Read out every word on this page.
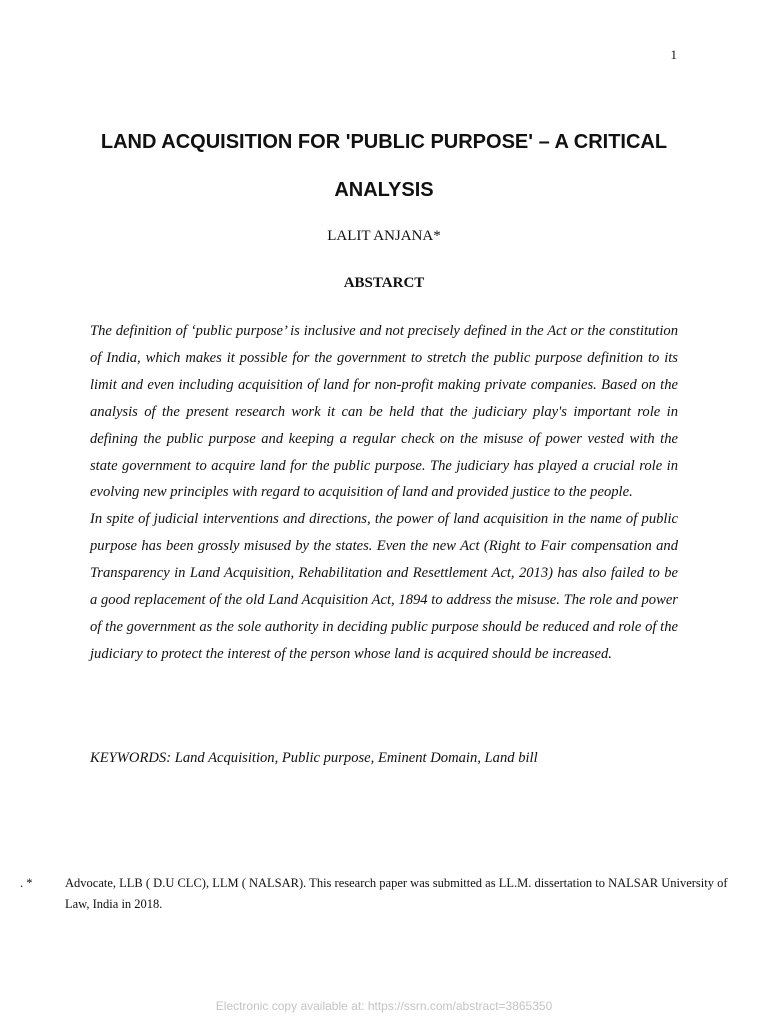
1
LAND ACQUISITION FOR 'PUBLIC PURPOSE' – A CRITICAL
ANALYSIS
LALIT ANJANA*
ABSTARCT

The definition of ‘public purpose’ is inclusive and not precisely defined in the Act or the constitution of India, which makes it possible for the government to stretch the public purpose definition to its limit and even including acquisition of land for non-profit making private companies. Based on the analysis of the present research work it can be held that the judiciary play's important role in defining the public purpose and keeping a regular check on the misuse of power vested with the state government to acquire land for the public purpose. The judiciary has played a crucial role in evolving new principles with regard to acquisition of land and provided justice to the people.

In spite of judicial interventions and directions, the power of land acquisition in the name of public purpose has been grossly misused by the states. Even the new Act (Right to Fair compensation and Transparency in Land Acquisition, Rehabilitation and Resettlement Act, 2013) has also failed to be a good replacement of the old Land Acquisition Act, 1894 to address the misuse. The role and power of the government as the sole authority in deciding public purpose should be reduced and role of the judiciary to protect the interest of the person whose land is acquired should be increased.

KEYWORDS: Land Acquisition, Public purpose, Eminent Domain, Land bill
. *	Advocate, LLB ( D.U CLC), LLM ( NALSAR). This research paper was submitted as LL.M. dissertation to NALSAR University of Law, India in 2018.
Electronic copy available at: https://ssrn.com/abstract=3865350
